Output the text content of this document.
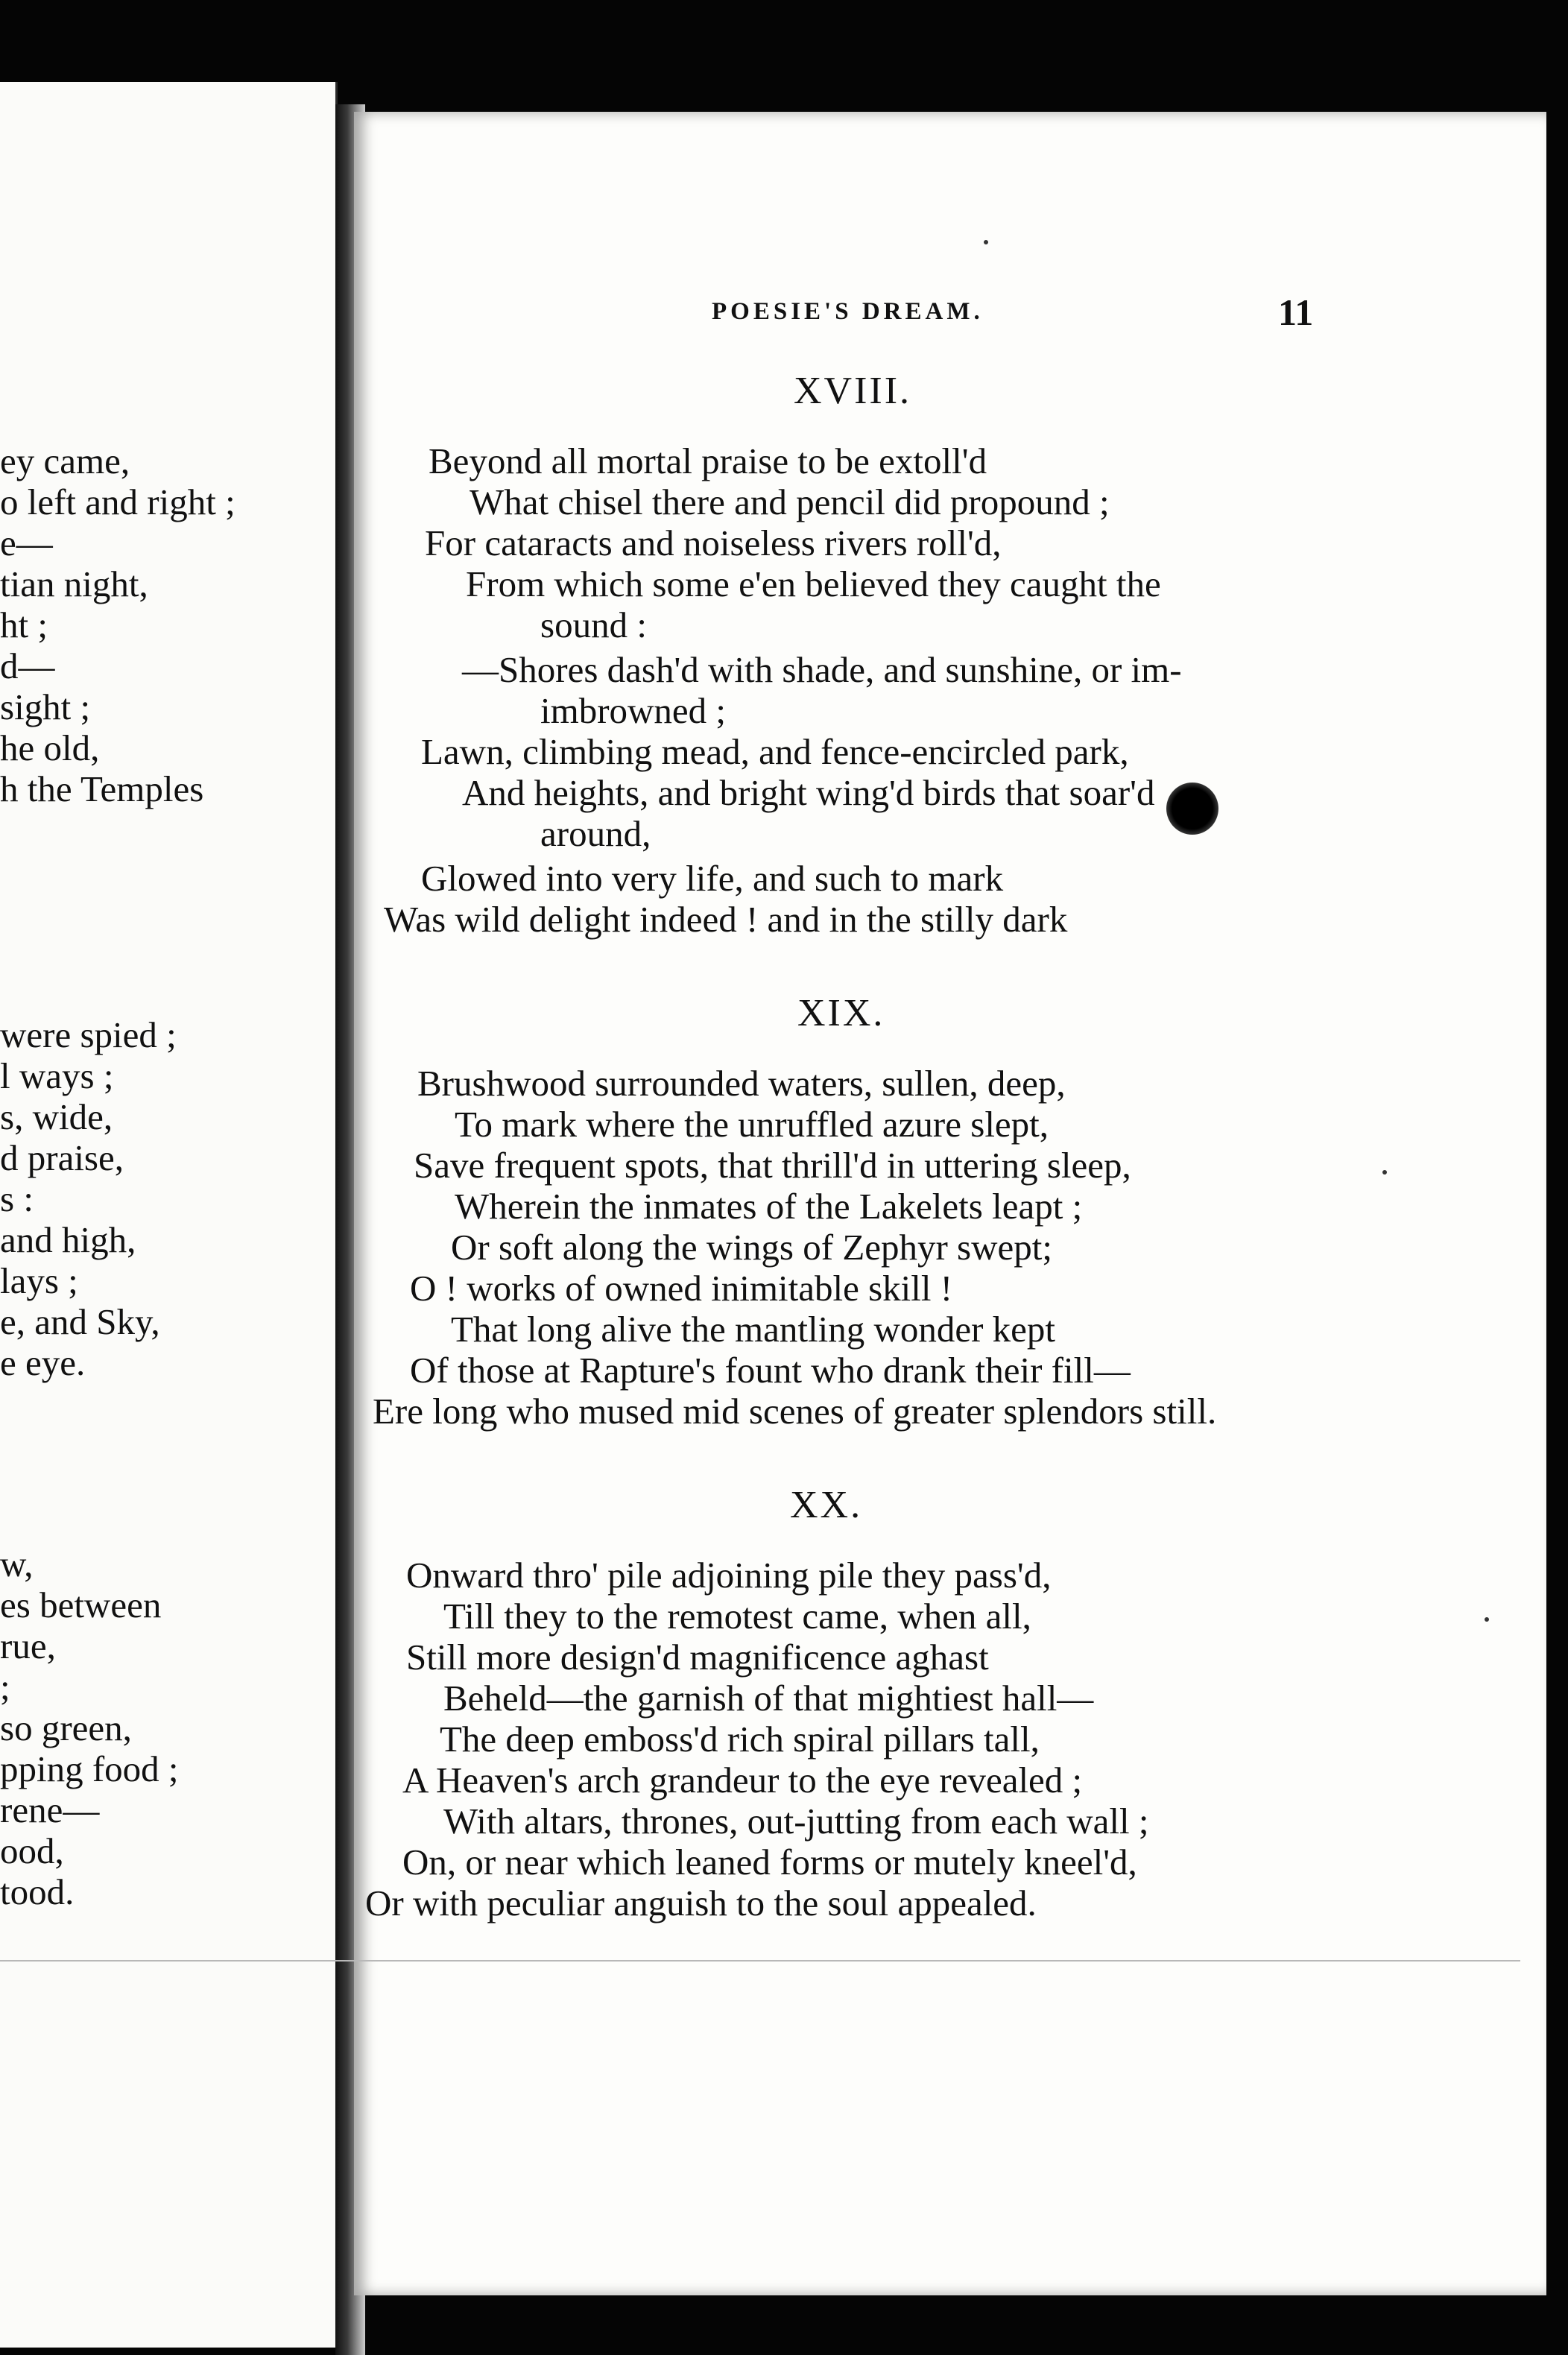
ey came,
o left and right ;
e—
tian night,
ht ;
d—
sight ;
he old,
h the Temples
were spied ;
l ways ;
s, wide,
d praise,
s :
and high,
lays ;
e, and Sky,
e eye.
w,
es between
rue,
;
so green,
pping food ;
rene—
ood,
tood.
POESIE'S DREAM.	11
XVIII.
Beyond all mortal praise to be extoll'd
What chisel there and pencil did propound ;
For cataracts and noiseless rivers roll'd,
From which some e'en believed they caught the
sound :
—Shores dash'd with shade, and sunshine, or im-
imbrowned ;
Lawn, climbing mead, and fence-encircled park,
And heights, and bright wing'd birds that soar'd
around,
Glowed into very life, and such to mark
Was wild delight indeed ! and in the stilly dark
XIX.
Brushwood surrounded waters, sullen, deep,
To mark where the unruffled azure slept,
Save frequent spots, that thrill'd in uttering sleep,
Wherein the inmates of the Lakelets leapt ;
Or soft along the wings of Zephyr swept;
O ! works of owned inimitable skill !
That long alive the mantling wonder kept
Of those at Rapture's fount who drank their fill—
Ere long who mused mid scenes of greater splendors still.
XX.
Onward thro' pile adjoining pile they pass'd,
Till they to the remotest came, when all,
Still more design'd magnificence aghast
Beheld—the garnish of that mightiest hall—
The deep emboss'd rich spiral pillars tall,
A Heaven's arch grandeur to the eye revealed ;
With altars, thrones, out-jutting from each wall ;
On, or near which leaned forms or mutely kneel'd,
Or with peculiar anguish to the soul appealed.
